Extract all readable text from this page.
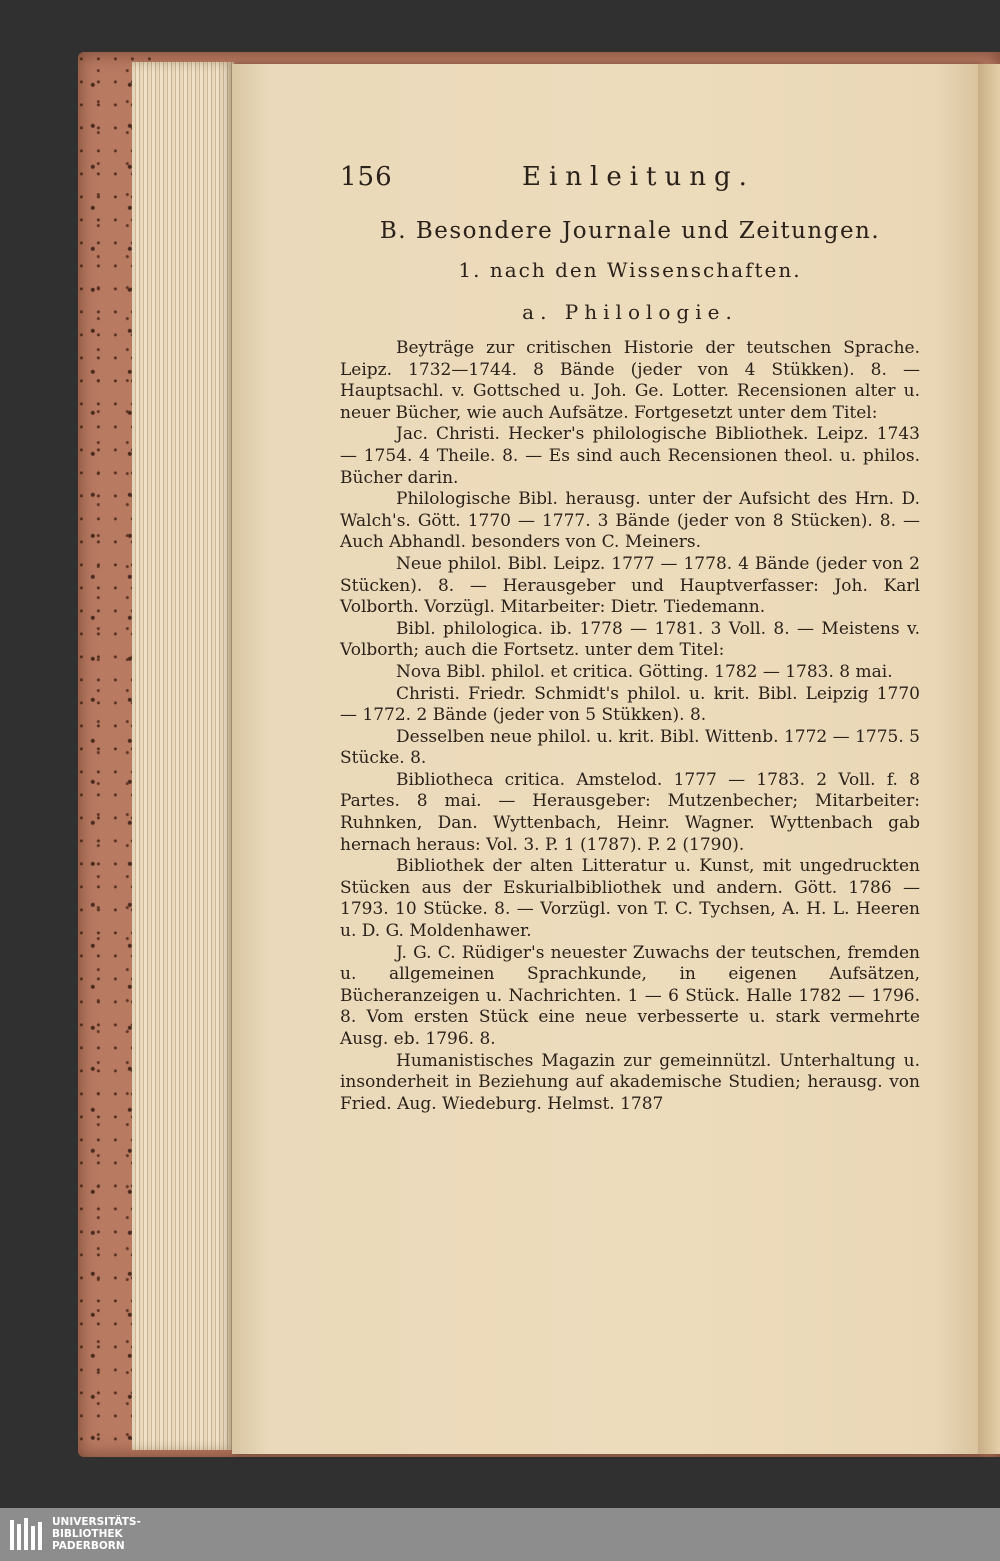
156	Einleitung.
B. Besondere Journale und Zeitungen.
1. nach den Wissenschaften.
a. Philologie.

Beyträge zur critischen Historie der teutschen Sprache. Leipz. 1732—1744. 8 Bände (jeder von 4 Stükken). 8. — Hauptsachl. v. Gottsched u. Joh. Ge. Lotter. Recensionen alter u. neuer Bücher, wie auch Aufsätze. Fortgesetzt unter dem Titel:

Jac. Christi. Hecker's philologische Bibliothek. Leipz. 1743 — 1754. 4 Theile. 8. — Es sind auch Recensionen theol. u. philos. Bücher darin.

Philologische Bibl. herausg. unter der Aufsicht des Hrn. D. Walch's. Gött. 1770 — 1777. 3 Bände (jeder von 8 Stücken). 8. — Auch Abhandl. besonders von C. Meiners.

Neue philol. Bibl. Leipz. 1777 — 1778. 4 Bände (jeder von 2 Stücken). 8. — Herausgeber und Hauptverfasser: Joh. Karl Volborth. Vorzügl. Mitarbeiter: Dietr. Tiedemann.

Bibl. philologica. ib. 1778 — 1781. 3 Voll. 8. — Meistens v. Volborth; auch die Fortsetz. unter dem Titel:

Nova Bibl. philol. et critica. Götting. 1782 — 1783. 8 mai.

Christi. Friedr. Schmidt's philol. u. krit. Bibl. Leipzig 1770 — 1772. 2 Bände (jeder von 5 Stükken). 8.

Desselben neue philol. u. krit. Bibl. Wittenb. 1772 — 1775. 5 Stücke. 8.

Bibliotheca critica. Amstelod. 1777 — 1783. 2 Voll. f. 8 Partes. 8 mai. — Herausgeber: Mutzenbecher; Mitarbeiter: Ruhnken, Dan. Wyttenbach, Heinr. Wagner. Wyttenbach gab hernach heraus: Vol. 3. P. 1 (1787). P. 2 (1790).

Bibliothek der alten Litteratur u. Kunst, mit ungedruckten Stücken aus der Eskurialbibliothek und andern. Gött. 1786 — 1793. 10 Stücke. 8. — Vorzügl. von T. C. Tychsen, A. H. L. Heeren u. D. G. Moldenhawer.

J. G. C. Rüdiger's neuester Zuwachs der teutschen, fremden u. allgemeinen Sprachkunde, in eigenen Aufsätzen, Bücheranzeigen u. Nachrichten. 1 — 6 Stück. Halle 1782 — 1796. 8. Vom ersten Stück eine neue verbesserte u. stark vermehrte Ausg. eb. 1796. 8.

Humanistisches Magazin zur gemeinnützl. Unterhaltung u. insonderheit in Beziehung auf akademische Studien; herausg. von Fried. Aug. Wiedeburg. Helmst. 1787

UNIVERSITÄTS-
BIBLIOTHEK
PADERBORN
